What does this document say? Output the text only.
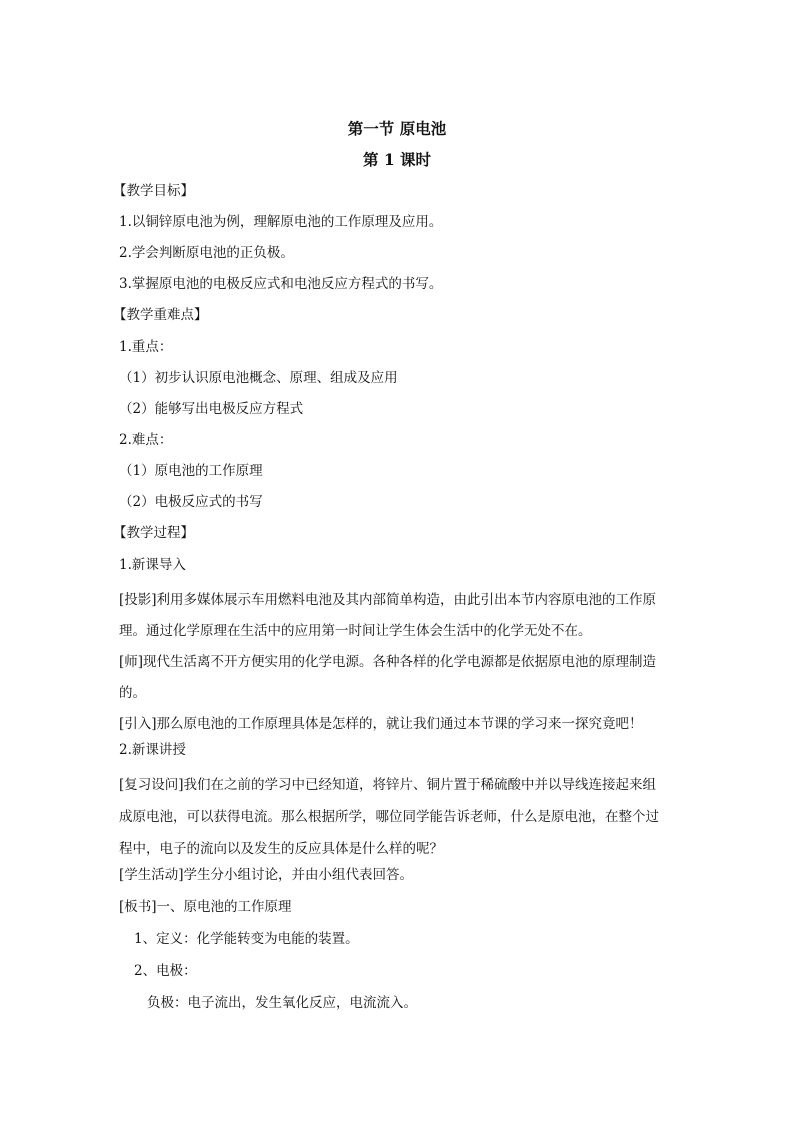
第一节 原电池
第 1 课时
【教学目标】
1.以铜锌原电池为例，理解原电池的工作原理及应用。
2.学会判断原电池的正负极。
3.掌握原电池的电极反应式和电池反应方程式的书写。
【教学重难点】
1.重点：
（1）初步认识原电池概念、原理、组成及应用
（2）能够写出电极反应方程式
2.难点：
（1）原电池的工作原理
（2）电极反应式的书写
【教学过程】
1.新课导入
[投影]利用多媒体展示车用燃料电池及其内部简单构造，由此引出本节内容原电池的工作原
理。通过化学原理在生活中的应用第一时间让学生体会生活中的化学无处不在。
[师]现代生活离不开方便实用的化学电源。各种各样的化学电源都是依据原电池的原理制造
的。
[引入]那么原电池的工作原理具体是怎样的，就让我们通过本节课的学习来一探究竟吧！
2.新课讲授
[复习设问]我们在之前的学习中已经知道，将锌片、铜片置于稀硫酸中并以导线连接起来组
成原电池，可以获得电流。那么根据所学，哪位同学能告诉老师，什么是原电池，在整个过
程中，电子的流向以及发生的反应具体是什么样的呢？
[学生活动]学生分小组讨论，并由小组代表回答。
[板书]一、原电池的工作原理
1、定义：化学能转变为电能的装置。
2、电极：
负极：电子流出，发生氧化反应，电流流入。
